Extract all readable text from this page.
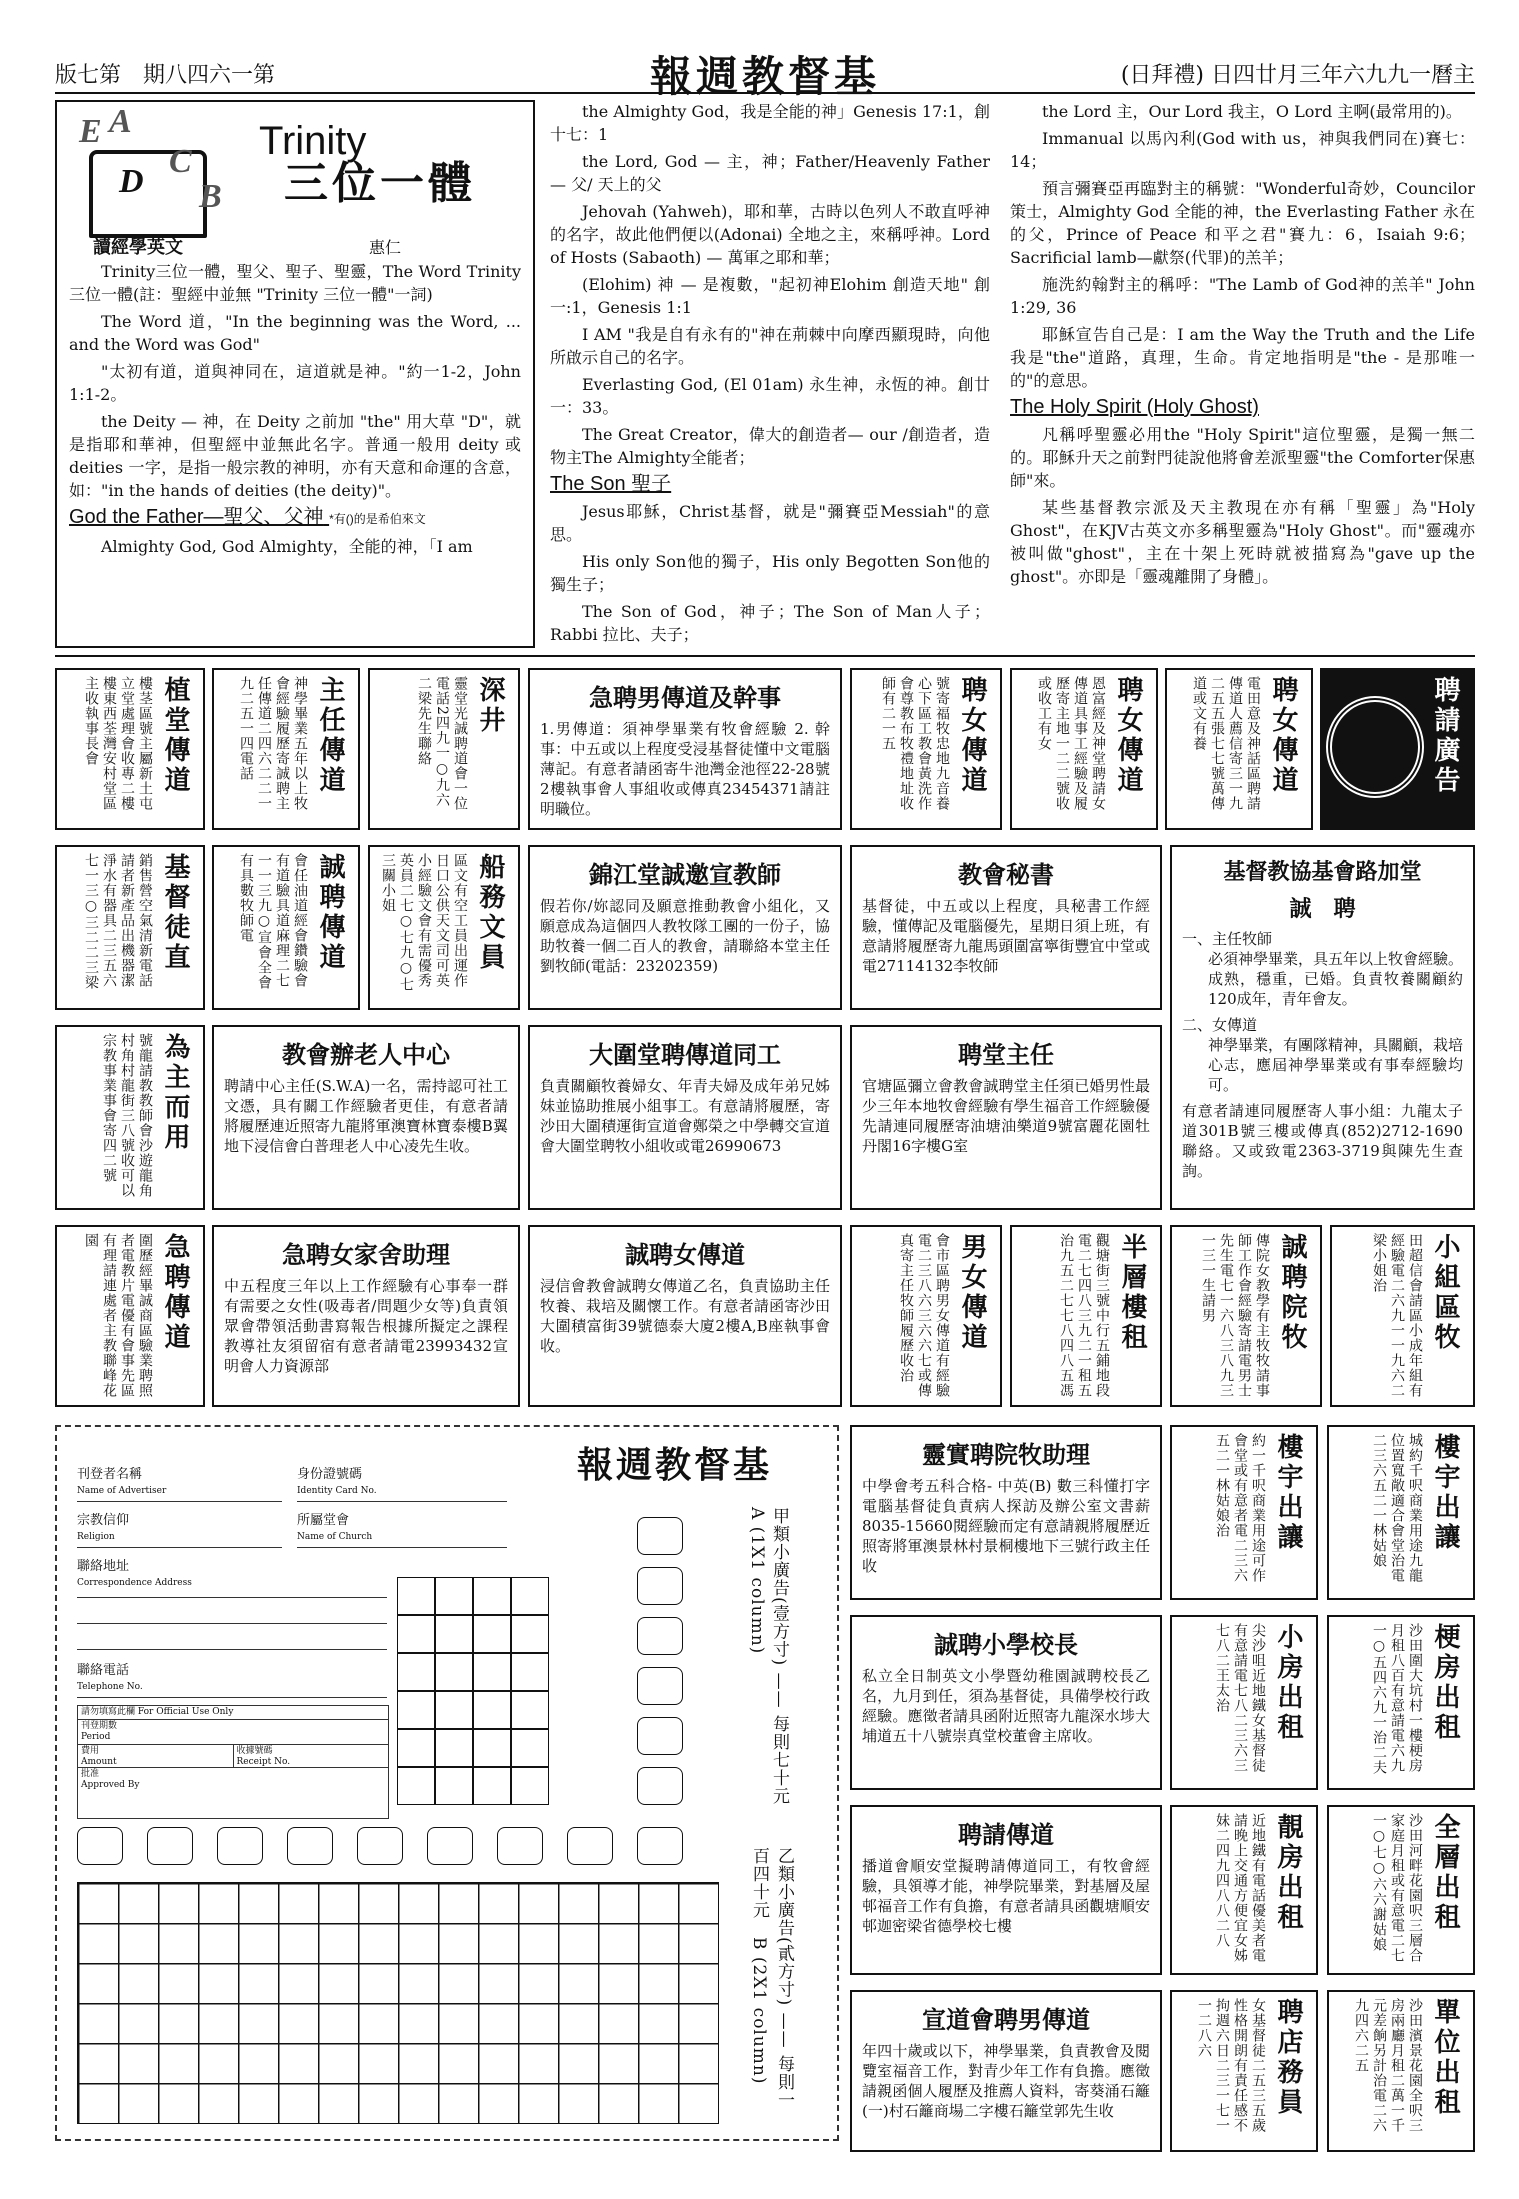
版七第　期八四六一第	報週教督基	(日拜禮) 日四廿月三年六九九一曆主
E A
D
C
B
Trinity
三位一體
讀經學英文	惠仁

Trinity三位一體，聖父、聖子、聖靈，The Word Trinity 三位一體(註：聖經中並無 "Trinity 三位一體"一詞)

The Word 道，"In the beginning was the Word, ... and the Word was God"

"太初有道，道與神同在，這道就是神。"約一1-2，John 1:1-2。

the Deity — 神，在 Deity 之前加 "the" 用大草 "D"，就是指耶和華神，但聖經中並無此名字。普通一般用 deity 或 deities 一字，是指一般宗教的神明，亦有天意和命運的含意，如："in the hands of deities (the deity)"。

God the Father—聖父、父神 *有()的是希伯來文

Almighty God, God Almighty，全能的神，「I am

the Almighty God，我是全能的神」Genesis 17:1，創十七：1

the Lord, God — 主，神；Father/Heavenly Father — 父/ 天上的父

Jehovah (Yahweh)，耶和華，古時以色列人不敢直呼神的名字，故此他們便以(Adonai) 全地之主，來稱呼神。Lord of Hosts (Sabaoth) — 萬軍之耶和華；

(Elohim) 神 — 是複數，"起初神Elohim 創造天地" 創一:1，Genesis 1:1

I AM "我是自有永有的"神在荊棘中向摩西顯現時，向他所啟示自己的名字。

Everlasting God, (El 01am) 永生神，永恆的神。創廿一：33。

The Great Creator，偉大的創造者— our /創造者，造物主The Almighty全能者；

The Son 聖子

Jesus耶穌，Christ基督，就是"彌賽亞Messiah"的意思。

His only Son他的獨子，His only Begotten Son他的獨生子；

The Son of God，神子；The Son of Man人子；Rabbi 拉比、夫子；

the Lord 主，Our Lord 我主，O Lord 主啊(最常用的)。

Immanual 以馬內利(God with us，神與我們同在)賽七：14；

預言彌賽亞再臨對主的稱號："Wonderful奇妙，Councilor 策士，Almighty God 全能的神，the Everlasting Father 永在的父，Prince of Peace 和平之君"賽九：6，Isaiah 9:6；Sacrificial lamb—獻祭(代罪)的羔羊；

施洗約翰對主的稱呼："The Lamb of God神的羔羊" John 1:29, 36

耶穌宣告自己是：I am the Way the Truth and the Life我是"the"道路，真理，生命。肯定地指明是"the - 是那唯一的"的意思。

The Holy Spirit (Holy Ghost)

凡稱呼聖靈必用the "Holy Spirit"這位聖靈，是獨一無二的。耶穌升天之前對門徒說他將會差派聖靈"the Comforter保惠師"來。

某些基督教宗派及天主教現在亦有稱「聖靈」為"Holy Ghost"，在KJV古英文亦多稱聖靈為"Holy Ghost"。而"靈魂亦被叫做"ghost"，主在十架上死時就被描寫為"gave up the ghost"。亦即是「靈魂離開了身體」。

聘請廣告
聘女傳道
電田意及神話區聘請傳道人薦信寄三一九二五五張七七號萬傳道或文有養
聘女傳道
恩富經及神堂聘請女傳道具事工經驗及履歷寄主地一二二號收或收工有女
聘女傳道
號寄福牧忠地九音養心下區工教會黃洗作會尊教布牧禮地址收師有二一五
急聘男傳道及幹事
1.男傳道：須神學畢業有牧會經驗 2. 幹事：中五或以上程度受浸基督徒懂中文電腦薄記。有意者請函寄牛池灣金池徑22-28號2樓執事會人事組收或傳真23454371請註明職位。
深井
靈堂光誠聘道會一位電話2四九一○九六二梁先生聯絡
主任傳道
神學畢業五年以上牧會經驗履歷寄誠聘主任傳道二四六二二一九二五一四電話
植堂傳道
樓茎區號主屬新土屯立堂處理會收專二樓樓東西荃灣安村堂區主收執事長會
基督教協基會路加堂
誠　聘
一、主任牧師
必須神學畢業，具五年以上牧會經驗。成熟，穩重，已婚。負責牧養關顧約120成年，青年會友。
二、女傳道
神學畢業，有團隊精神，具關顧，栽培心志，應屆神學畢業或有事奉經驗均可。
有意者請連同履歷寄人事小組：九龍太子道301B號三樓或傳真(852)2712-1690聯絡。又或致電2363-3719與陳先生查詢。
教會秘書
基督徒，中五或以上程度，具秘書工作經驗，懂傳記及電腦優先，星期日須上班，有意請將履歷寄九龍馬頭圍富寧街豐宜中堂或電27114132李牧師
錦江堂誠邀宣教師
假若你/妳認同及願意推動教會小組化，又願意成為這個四人教牧隊工團的一份子，協助牧養一個二百人的教會，請聯絡本堂主任劉牧師(電話：23202359)
船務文員
區文有空工員出運作日口公供天文司可英小經驗文會有需優秀英員二七○七九○七三關小姐
誠聘傳道
會任油道經會鑽驗會有道驗具道麻理二七一一三九○宣會全會有具數牧師電
基督徒直
銷售營空氣清新電話請者新產品出機器潔淨水有器具二三五六七一三○三二二三梁
聘堂主任
官塘區彌立會教會誠聘堂主任須已婚男性最少三年本地牧會經驗有學生福音工作經驗優先請連同履歷寄油塘油樂道9號富麗花園牡丹閣16字樓G室
大圍堂聘傳道同工
負責關顧牧養婦女、年青夫婦及成年弟兄姊妹並協助推展小組事工。有意請將履歷，寄沙田大圍積運街宣道會鄭榮之中學轉交宣道會大圍堂聘牧小組收或電26990673
教會辦老人中心
聘請中心主任(S.W.A)一名，需持認可社工文憑，具有關工作經驗者更佳，有意者請將履歷連近照寄九龍將軍澳寶林寶泰樓B翼地下浸信會白普理老人中心凌先生收。
為主而用
號龍請教教師會沙遊龍角村角村龍街三八號收可以宗教事業事會寄四二號
小組區牧
田超信會請區小成年組有經驗電二六九一一九六二梁小姐治
誠聘院牧
傳院女教學有主牧牧請事師工作會經驗寄請電男士先生電七一六八三八九三一三一生請男
半層樓租
觀塘街三號中行五鋪地段電二七四八三九二一租五治九五二七七八四八五馮
男女傳道
會市區聘男女傳道有經驗電二三八六三六六七或傳真寄主任牧師履歷收治
誠聘女傳道
浸信會教會誠聘女傳道乙名，負責協助主任牧養、栽培及關懷工作。有意者請函寄沙田大圍積富街39號德泰大廈2樓A,B座執事會收。
急聘女家舍助理
中五程度三年以上工作經驗有心事奉一群有需要之女性(吸毒者/問題少女等)負責領眾會帶領活動書寫報告根據所擬定之課程教導社友須留宿有意者請電23993432宣明會人力資源部
急聘傳道
圍歷經畢誠商區驗業聘照者電教片電優有會事先區有理請連處者主教聯峰花園
靈實聘院牧助理
中學會考五科合格- 中英(B) 數三科懂打字電腦基督徒負責病人探訪及辦公室文書薪8035-15660閱經驗而定有意請親將履歷近照寄將軍澳景林村景桐樓地下三號行政主任收
樓宇出讓
約一千呎商業用途可作會堂或有意者電二三六五二一林姑娘治	樓宇出讓
城約千呎商業用途九龍位置寬敞適合會堂治電二三六五二一林姑娘
誠聘小學校長
私立全日制英文小學暨幼稚園誠聘校長乙名，九月到任，須為基督徒，具備學校行政經驗。應徵者請具函附近照寄九龍深水埗大埔道五十八號崇真堂校董會主席收。	小房出租
尖沙咀近地鐵女基督徒有意請電七八二三六三七八二王太治	梗房出租
沙田圍大坑村一樓梗房月租八百有意請電六九一○五四六九一治二夫
聘請傳道
播道會順安堂擬聘請傳道同工，有牧會經驗，具領導才能，神學院畢業，對基層及屋邨福音工作有負擔，有意者請具函觀塘順安邨迦密梁省德學校七樓	靚房出租
近地鐵有電話優美者電請晚上交通方便宜女姊妹二四九四八八二八	全層出租
沙田河畔花園呎三層合家庭月租或有意電二七一○七○六六謝姑娘
宣道會聘男傳道
年四十歲或以下，神學畢業，負責教會及閱覽室福音工作，對青少年工作有負擔。應徵請親函個人履歷及推薦人資料，寄葵涌石籬(一)村石籬商場二字樓石籬堂郭先生收	聘店務員
女基督徒二五三五歲性格開朗有責任感不拘週六日二三一七一一二八六	單位出租
沙田濱景花園全呎三房兩廳月租二萬一千元差餉另計治電二六九四六二五
報週教督基
刊登者名稱
Name of Advertiser
身份證號碼
Identity Card No.
宗教信仰
Religion
所屬堂會
Name of Church
聯絡地址
Correspondence Address
聯絡電話
Telephone No.
請勿填寫此欄 For Official Use Only
刊登期數
Period
費用
Amount
收據號碼
Receipt No.
批准
Approved By	甲類小廣告(壹方寸) —— 每則七十元　A (1X1 column)
乙類小廣告(貳方寸) —— 每則一百四十元　B (2X1 column)
